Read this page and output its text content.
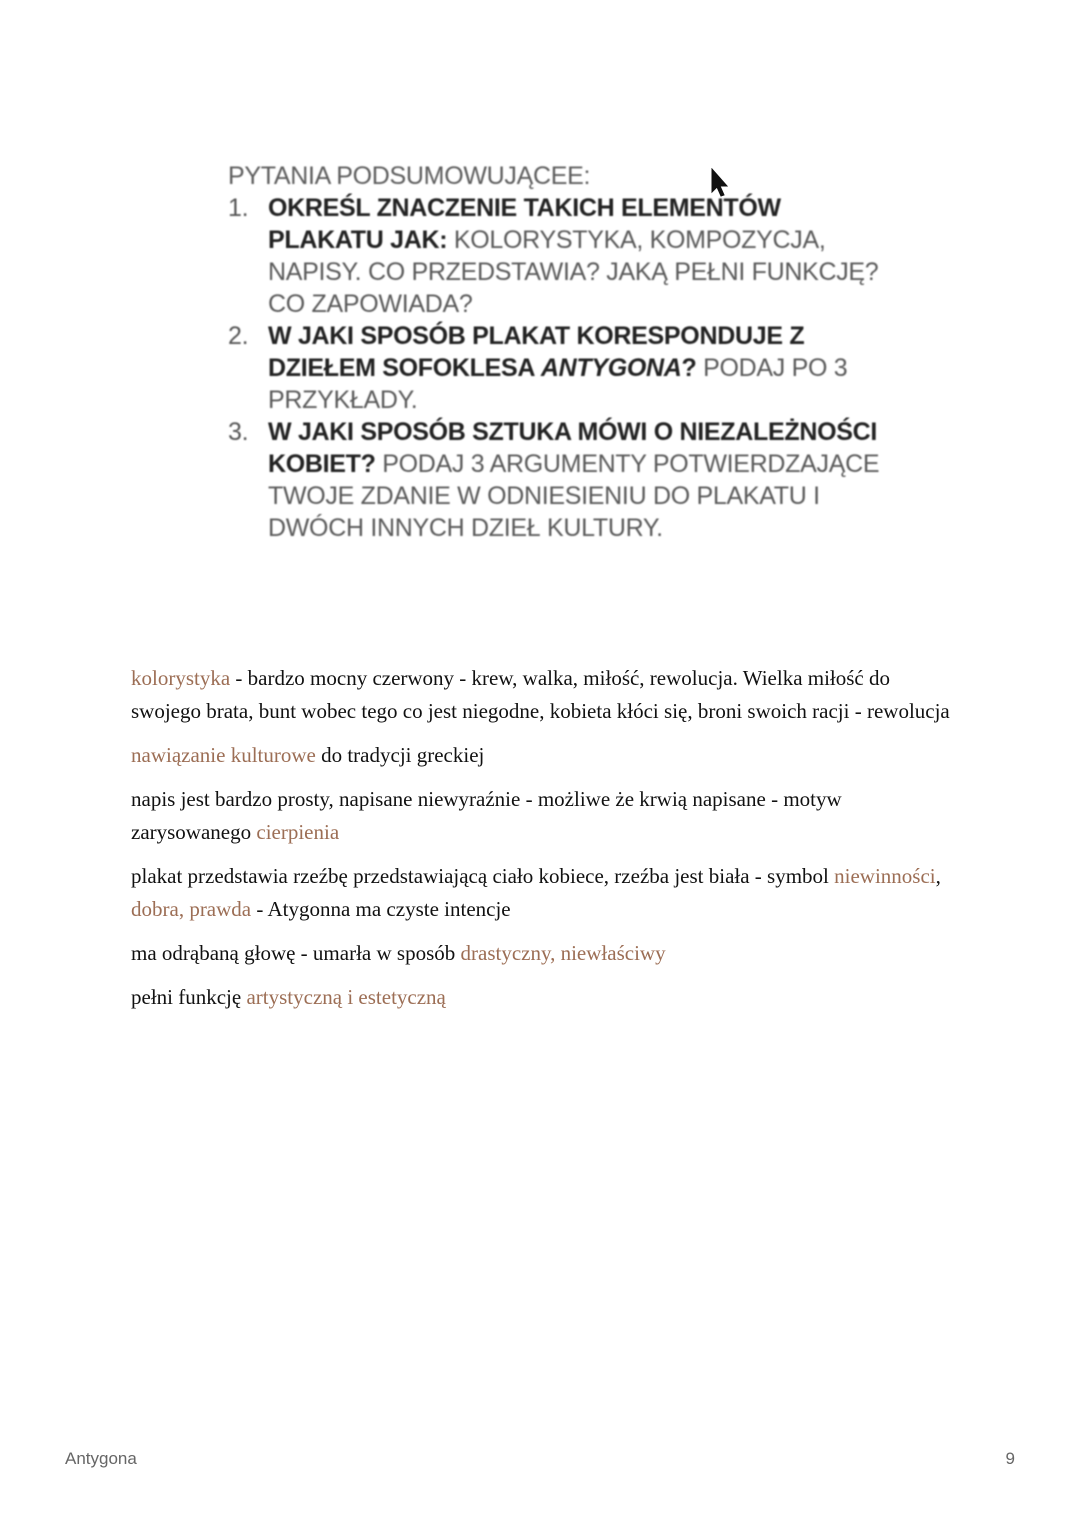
PYTANIA PODSUMOWUJĄCEE:
1. OKREŚL ZNACZENIE TAKICH ELEMENTÓW PLAKATU JAK: KOLORYSTYKA, KOMPOZYCJA, NAPISY. CO PRZEDSTAWIA? JAKĄ PEŁNI FUNKCJĘ? CO ZAPOWIADA?
2. W JAKI SPOSÓB PLAKAT KORESPONDUJE Z DZIEŁEM SOFOKLESA ANTYGONA? PODAJ PO 3 PRZYKŁADY.
3. W JAKI SPOSÓB SZTUKA MÓWI O NIEZALEŻNOŚCI KOBIET? PODAJ 3 ARGUMENTY POTWIERDZAJĄCE TWOJE ZDANIE W ODNIESIENIU DO PLAKATU I DWÓCH INNYCH DZIEŁ KULTURY.

kolorystyka - bardzo mocny czerwony - krew, walka, miłość, rewolucja. Wielka miłość do swojego brata, bunt wobec tego co jest niegodne, kobieta kłóci się, broni swoich racji - rewolucja

nawiązanie kulturowe do tradycji greckiej

napis jest bardzo prosty, napisane niewyraźnie - możliwe że krwią napisane - motyw zarysowanego cierpienia

plakat przedstawia rzeźbę przedstawiającą ciało kobiece, rzeźba jest biała - symbol niewinności, dobra, prawda - Atygonna ma czyste intencje

ma odrąbaną głowę - umarła w sposób drastyczny, niewłaściwy

pełni funkcję artystyczną i estetyczną

Antygona	9
